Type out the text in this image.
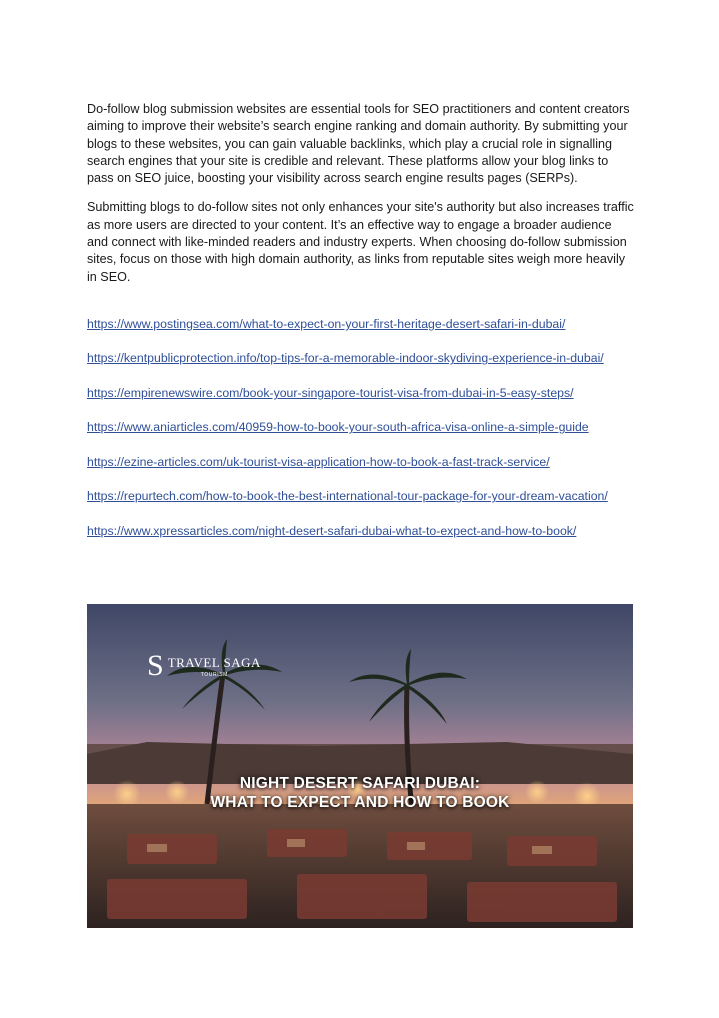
Do-follow blog submission websites are essential tools for SEO practitioners and content creators aiming to improve their website’s search engine ranking and domain authority. By submitting your blogs to these websites, you can gain valuable backlinks, which play a crucial role in signalling search engines that your site is credible and relevant. These platforms allow your blog links to pass on SEO juice, boosting your visibility across search engine results pages (SERPs).

Submitting blogs to do-follow sites not only enhances your site's authority but also increases traffic as more users are directed to your content. It’s an effective way to engage a broader audience and connect with like-minded readers and industry experts. When choosing do-follow submission sites, focus on those with high domain authority, as links from reputable sites weigh more heavily in SEO.

https://www.postingsea.com/what-to-expect-on-your-first-heritage-desert-safari-in-dubai/
https://kentpublicprotection.info/top-tips-for-a-memorable-indoor-skydiving-experience-in-dubai/
https://empirenewswire.com/book-your-singapore-tourist-visa-from-dubai-in-5-easy-steps/
https://www.aniarticles.com/40959-how-to-book-your-south-africa-visa-online-a-simple-guide
https://ezine-articles.com/uk-tourist-visa-application-how-to-book-a-fast-track-service/
https://repurtech.com/how-to-book-the-best-international-tour-package-for-your-dream-vacation/
https://www.xpressarticles.com/night-desert-safari-dubai-what-to-expect-and-how-to-book/
S TRAVEL SAGA
TOURISM
NIGHT DESERT SAFARI DUBAI:
WHAT TO EXPECT AND HOW TO BOOK
